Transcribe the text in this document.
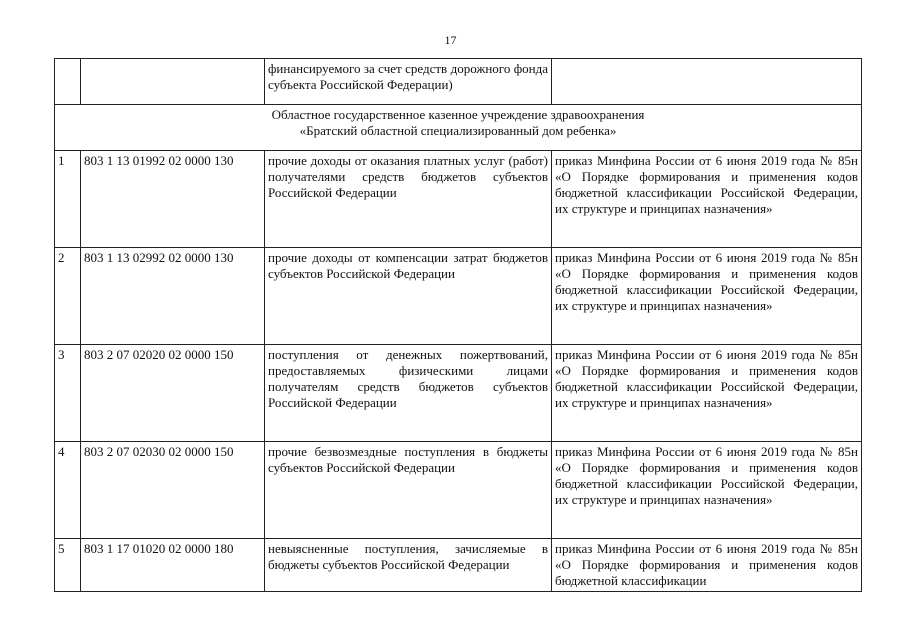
17
		финансируемого за счет средств дорожного фонда субъекта Российской Федерации)	

Областное государственное казенное учреждение здравоохранения
«Братский областной специализированный дом ребенка»			

1	803 1 13 01992 02 0000 130	прочие доходы от оказания платных услуг (работ) получателями средств бюджетов субъектов Российской Федерации	приказ Минфина России от 6 июня 2019 года № 85н «О Порядке формирования и применения кодов бюджетной классификации Российской Федерации, их структуре и принципах назначения»
2	803 1 13 02992 02 0000 130	прочие доходы от компенсации затрат бюджетов субъектов Российской Федерации	приказ Минфина России от 6 июня 2019 года № 85н «О Порядке формирования и применения кодов бюджетной классификации Российской Федерации, их структуре и принципах назначения»
3	803 2 07 02020 02 0000 150	поступления от денежных пожертвований, предоставляемых физическими лицами получателям средств бюджетов субъектов Российской Федерации	приказ Минфина России от 6 июня 2019 года № 85н «О Порядке формирования и применения кодов бюджетной классификации Российской Федерации, их структуре и принципах назначения»
4	803 2 07 02030 02 0000 150	прочие безвозмездные поступления в бюджеты субъектов Российской Федерации	приказ Минфина России от 6 июня 2019 года № 85н «О Порядке формирования и применения кодов бюджетной классификации Российской Федерации, их структуре и принципах назначения»
5	803 1 17 01020 02 0000 180	невыясненные поступления, зачисляемые в бюджеты субъектов Российской Федерации	приказ Минфина России от 6 июня 2019 года № 85н «О Порядке формирования и применения кодов бюджетной классификации
